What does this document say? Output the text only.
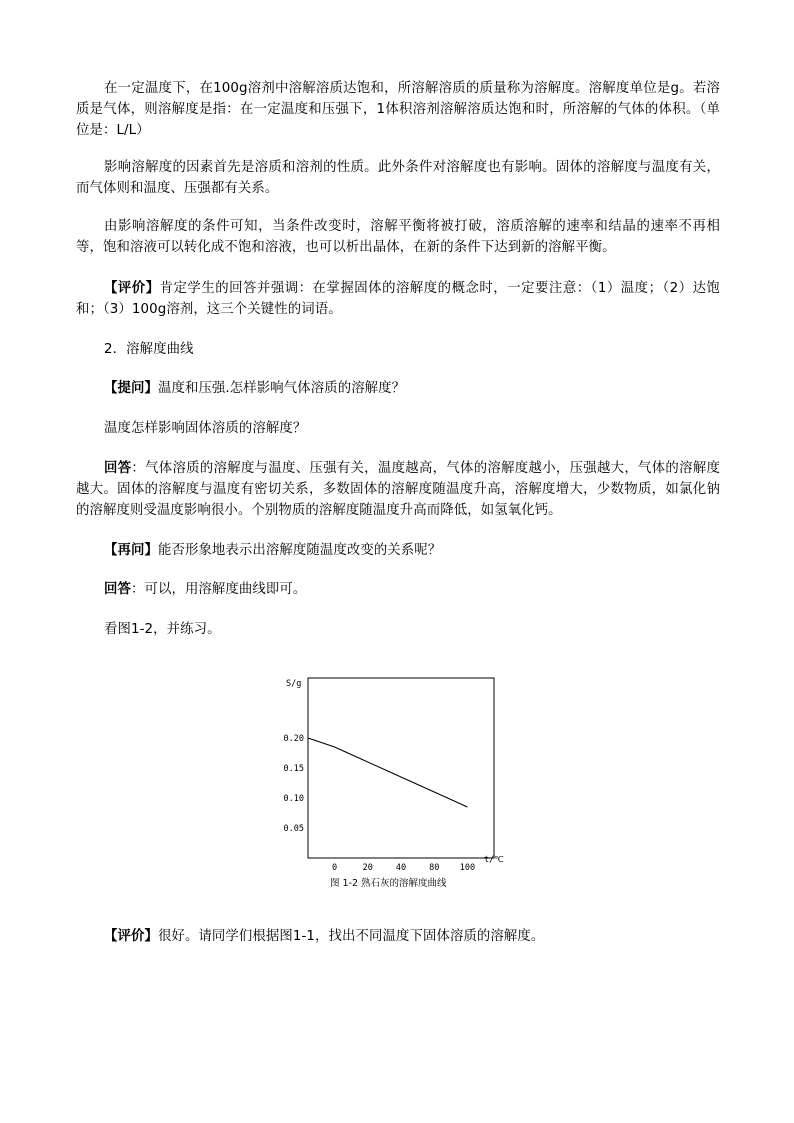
在一定温度下，在100g溶剂中溶解溶质达饱和，所溶解溶质的质量称为溶解度。溶解度单位是g。若溶质是气体，则溶解度是指：在一定温度和压强下，1体积溶剂溶解溶质达饱和时，所溶解的气体的体积。（单位是：L/L）

影响溶解度的因素首先是溶质和溶剂的性质。此外条件对溶解度也有影响。固体的溶解度与温度有关，而气体则和温度、压强都有关系。

由影响溶解度的条件可知，当条件改变时，溶解平衡将被打破，溶质溶解的速率和结晶的速率不再相等，饱和溶液可以转化成不饱和溶液，也可以析出晶体，在新的条件下达到新的溶解平衡。

【评价】肯定学生的回答并强调：在掌握固体的溶解度的概念时，一定要注意：（1）温度；（2）达饱和；（3）100g溶剂，这三个关键性的词语。

2．溶解度曲线

【提问】温度和压强.怎样影响气体溶质的溶解度？

温度怎样影响固体溶质的溶解度？

回答：气体溶质的溶解度与温度、压强有关，温度越高，气体的溶解度越小，压强越大，气体的溶解度越大。固体的溶解度与温度有密切关系，多数固体的溶解度随温度升高，溶解度增大，少数物质，如氯化钠的溶解度则受温度影响很小。个别物质的溶解度随温度升高而降低，如氢氧化钙。

【再问】能否形象地表示出溶解度随温度改变的关系呢？

回答：可以，用溶解度曲线即可。

看图1-2，并练习。

S/g
t/℃
0.20
0.15
0.10
0.05
0	20	40	80 100
图 1-2 熟石灰的溶解度曲线

【评价】很好。请同学们根据图1-1，找出不同温度下固体溶质的溶解度。
